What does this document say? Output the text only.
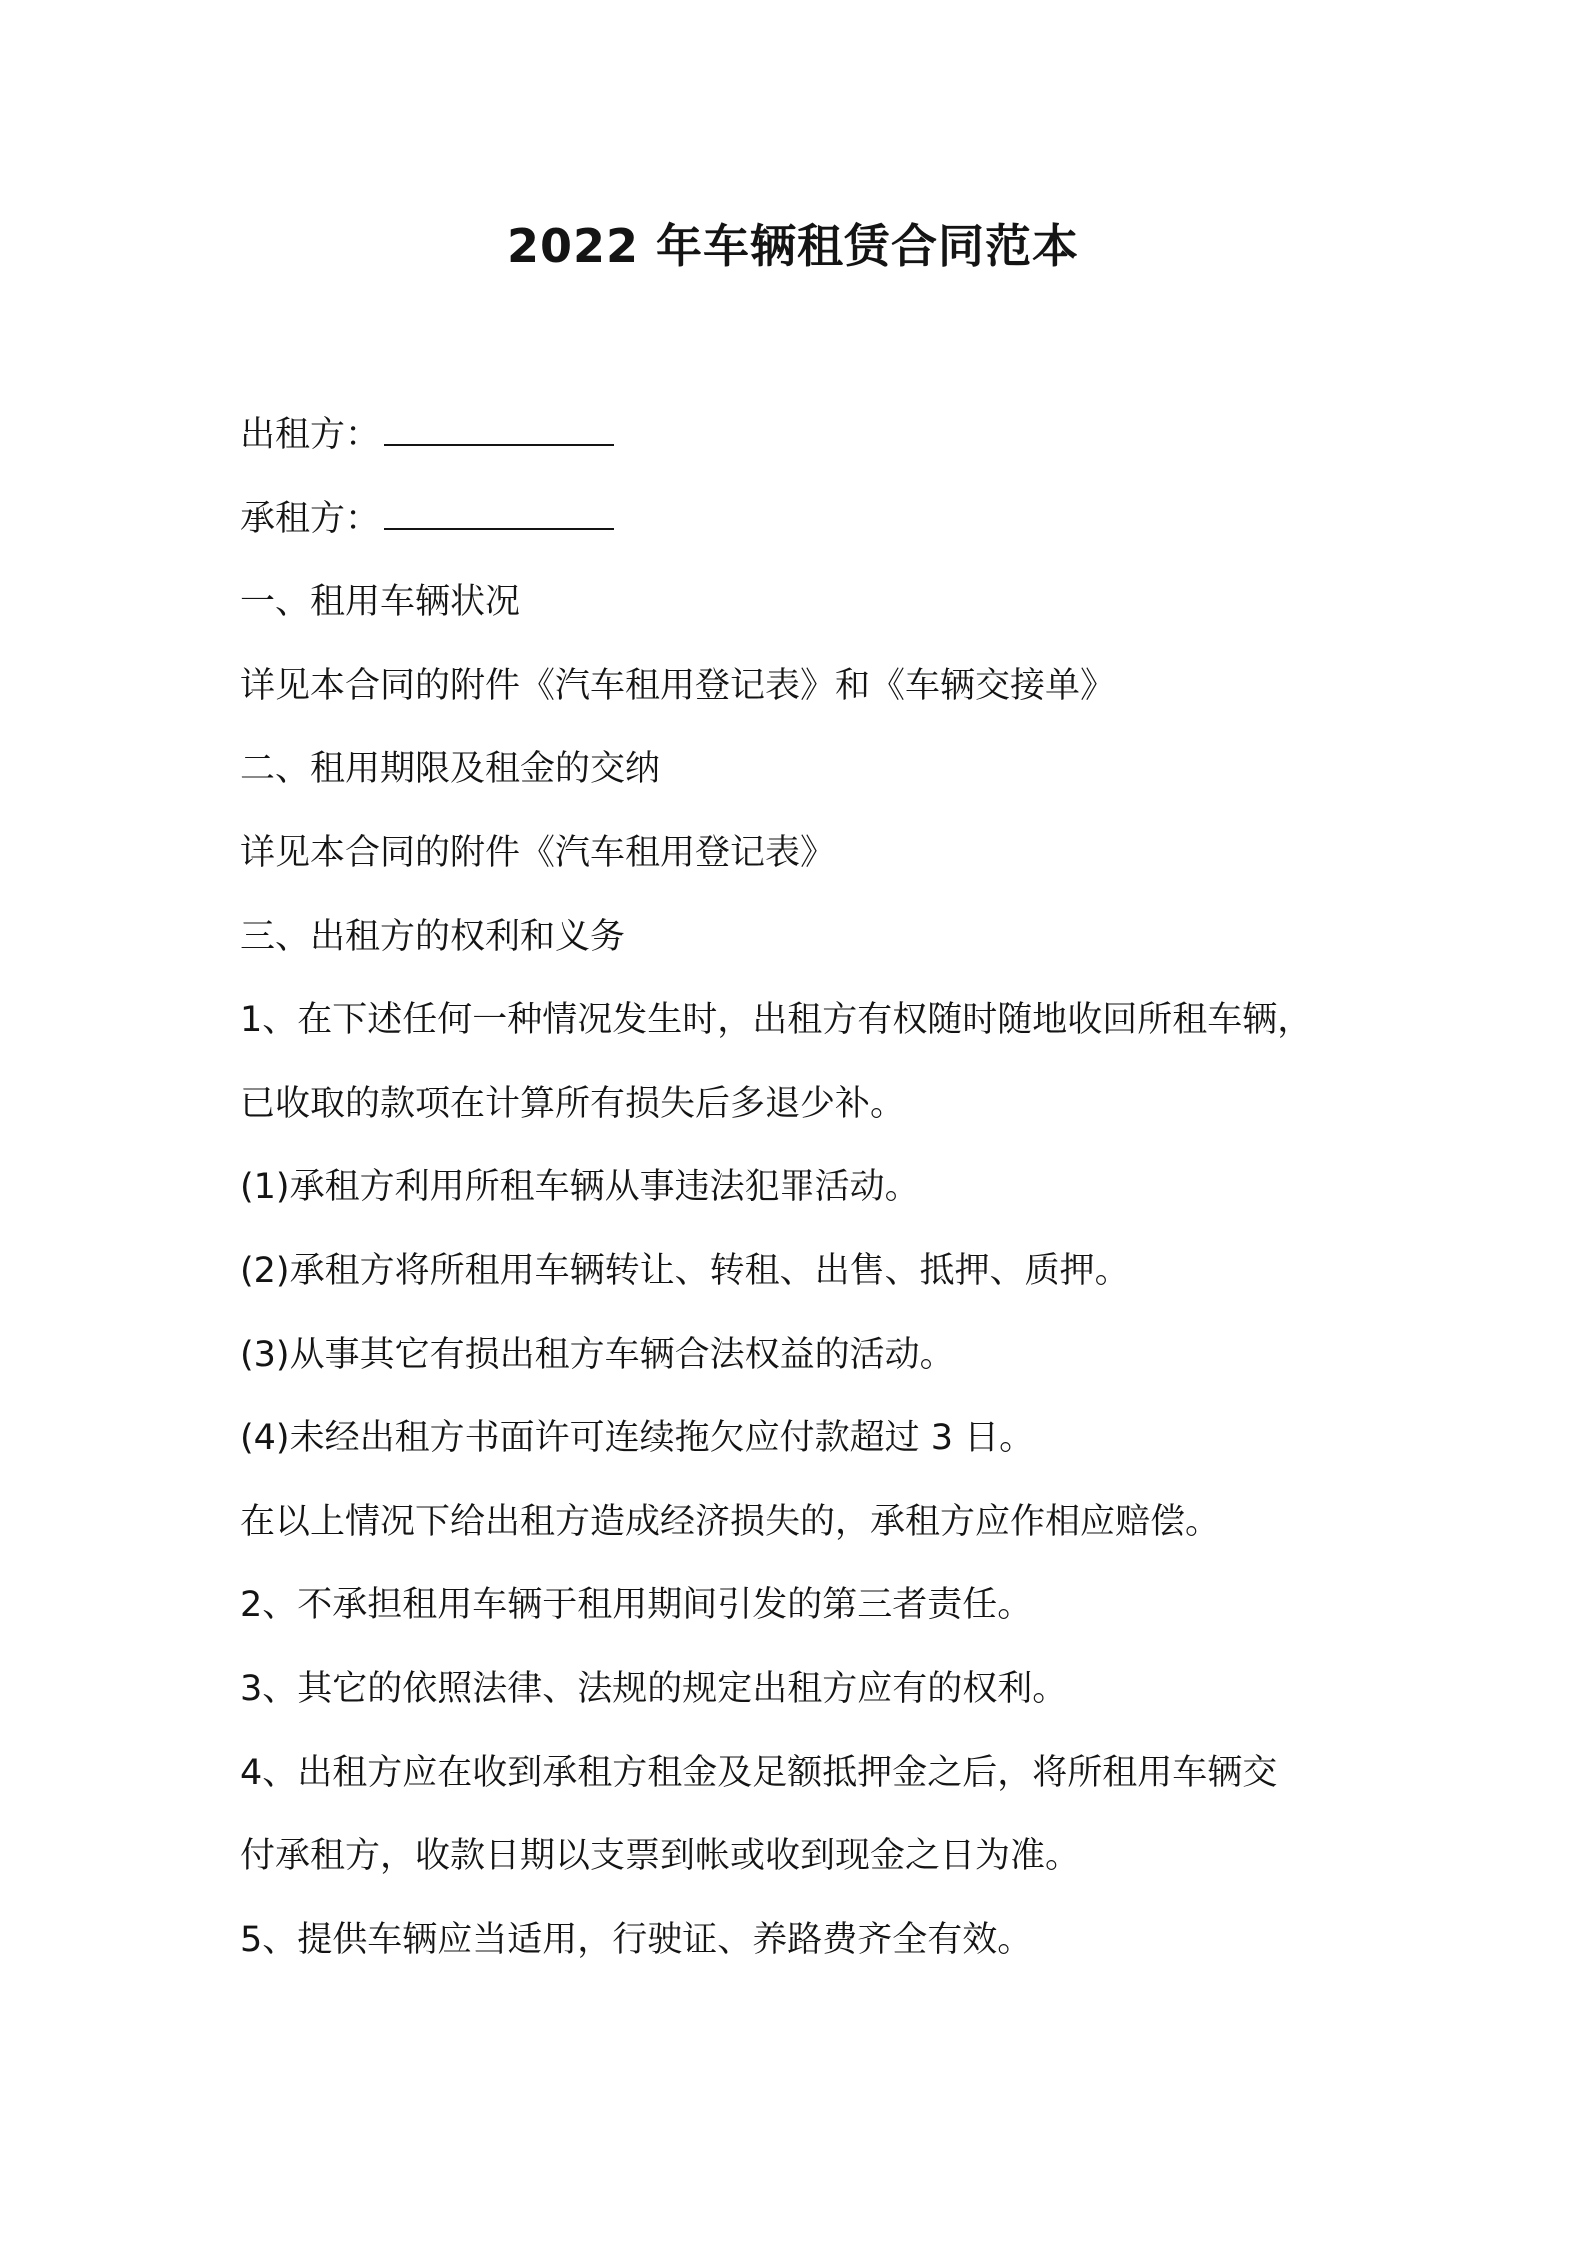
2022 年车辆租赁合同范本

出租方：

承租方：

一、租用车辆状况

详见本合同的附件《汽车租用登记表》和《车辆交接单》

二、租用期限及租金的交纳

详见本合同的附件《汽车租用登记表》

三、出租方的权利和义务

1、在下述任何一种情况发生时，出租方有权随时随地收回所租车辆，

已收取的款项在计算所有损失后多退少补。

(1)承租方利用所租车辆从事违法犯罪活动。

(2)承租方将所租用车辆转让、转租、出售、抵押、质押。

(3)从事其它有损出租方车辆合法权益的活动。

(4)未经出租方书面许可连续拖欠应付款超过 3 日。

在以上情况下给出租方造成经济损失的，承租方应作相应赔偿。

2、不承担租用车辆于租用期间引发的第三者责任。

3、其它的依照法律、法规的规定出租方应有的权利。

4、出租方应在收到承租方租金及足额抵押金之后，将所租用车辆交

付承租方，收款日期以支票到帐或收到现金之日为准。

5、提供车辆应当适用，行驶证、养路费齐全有效。
